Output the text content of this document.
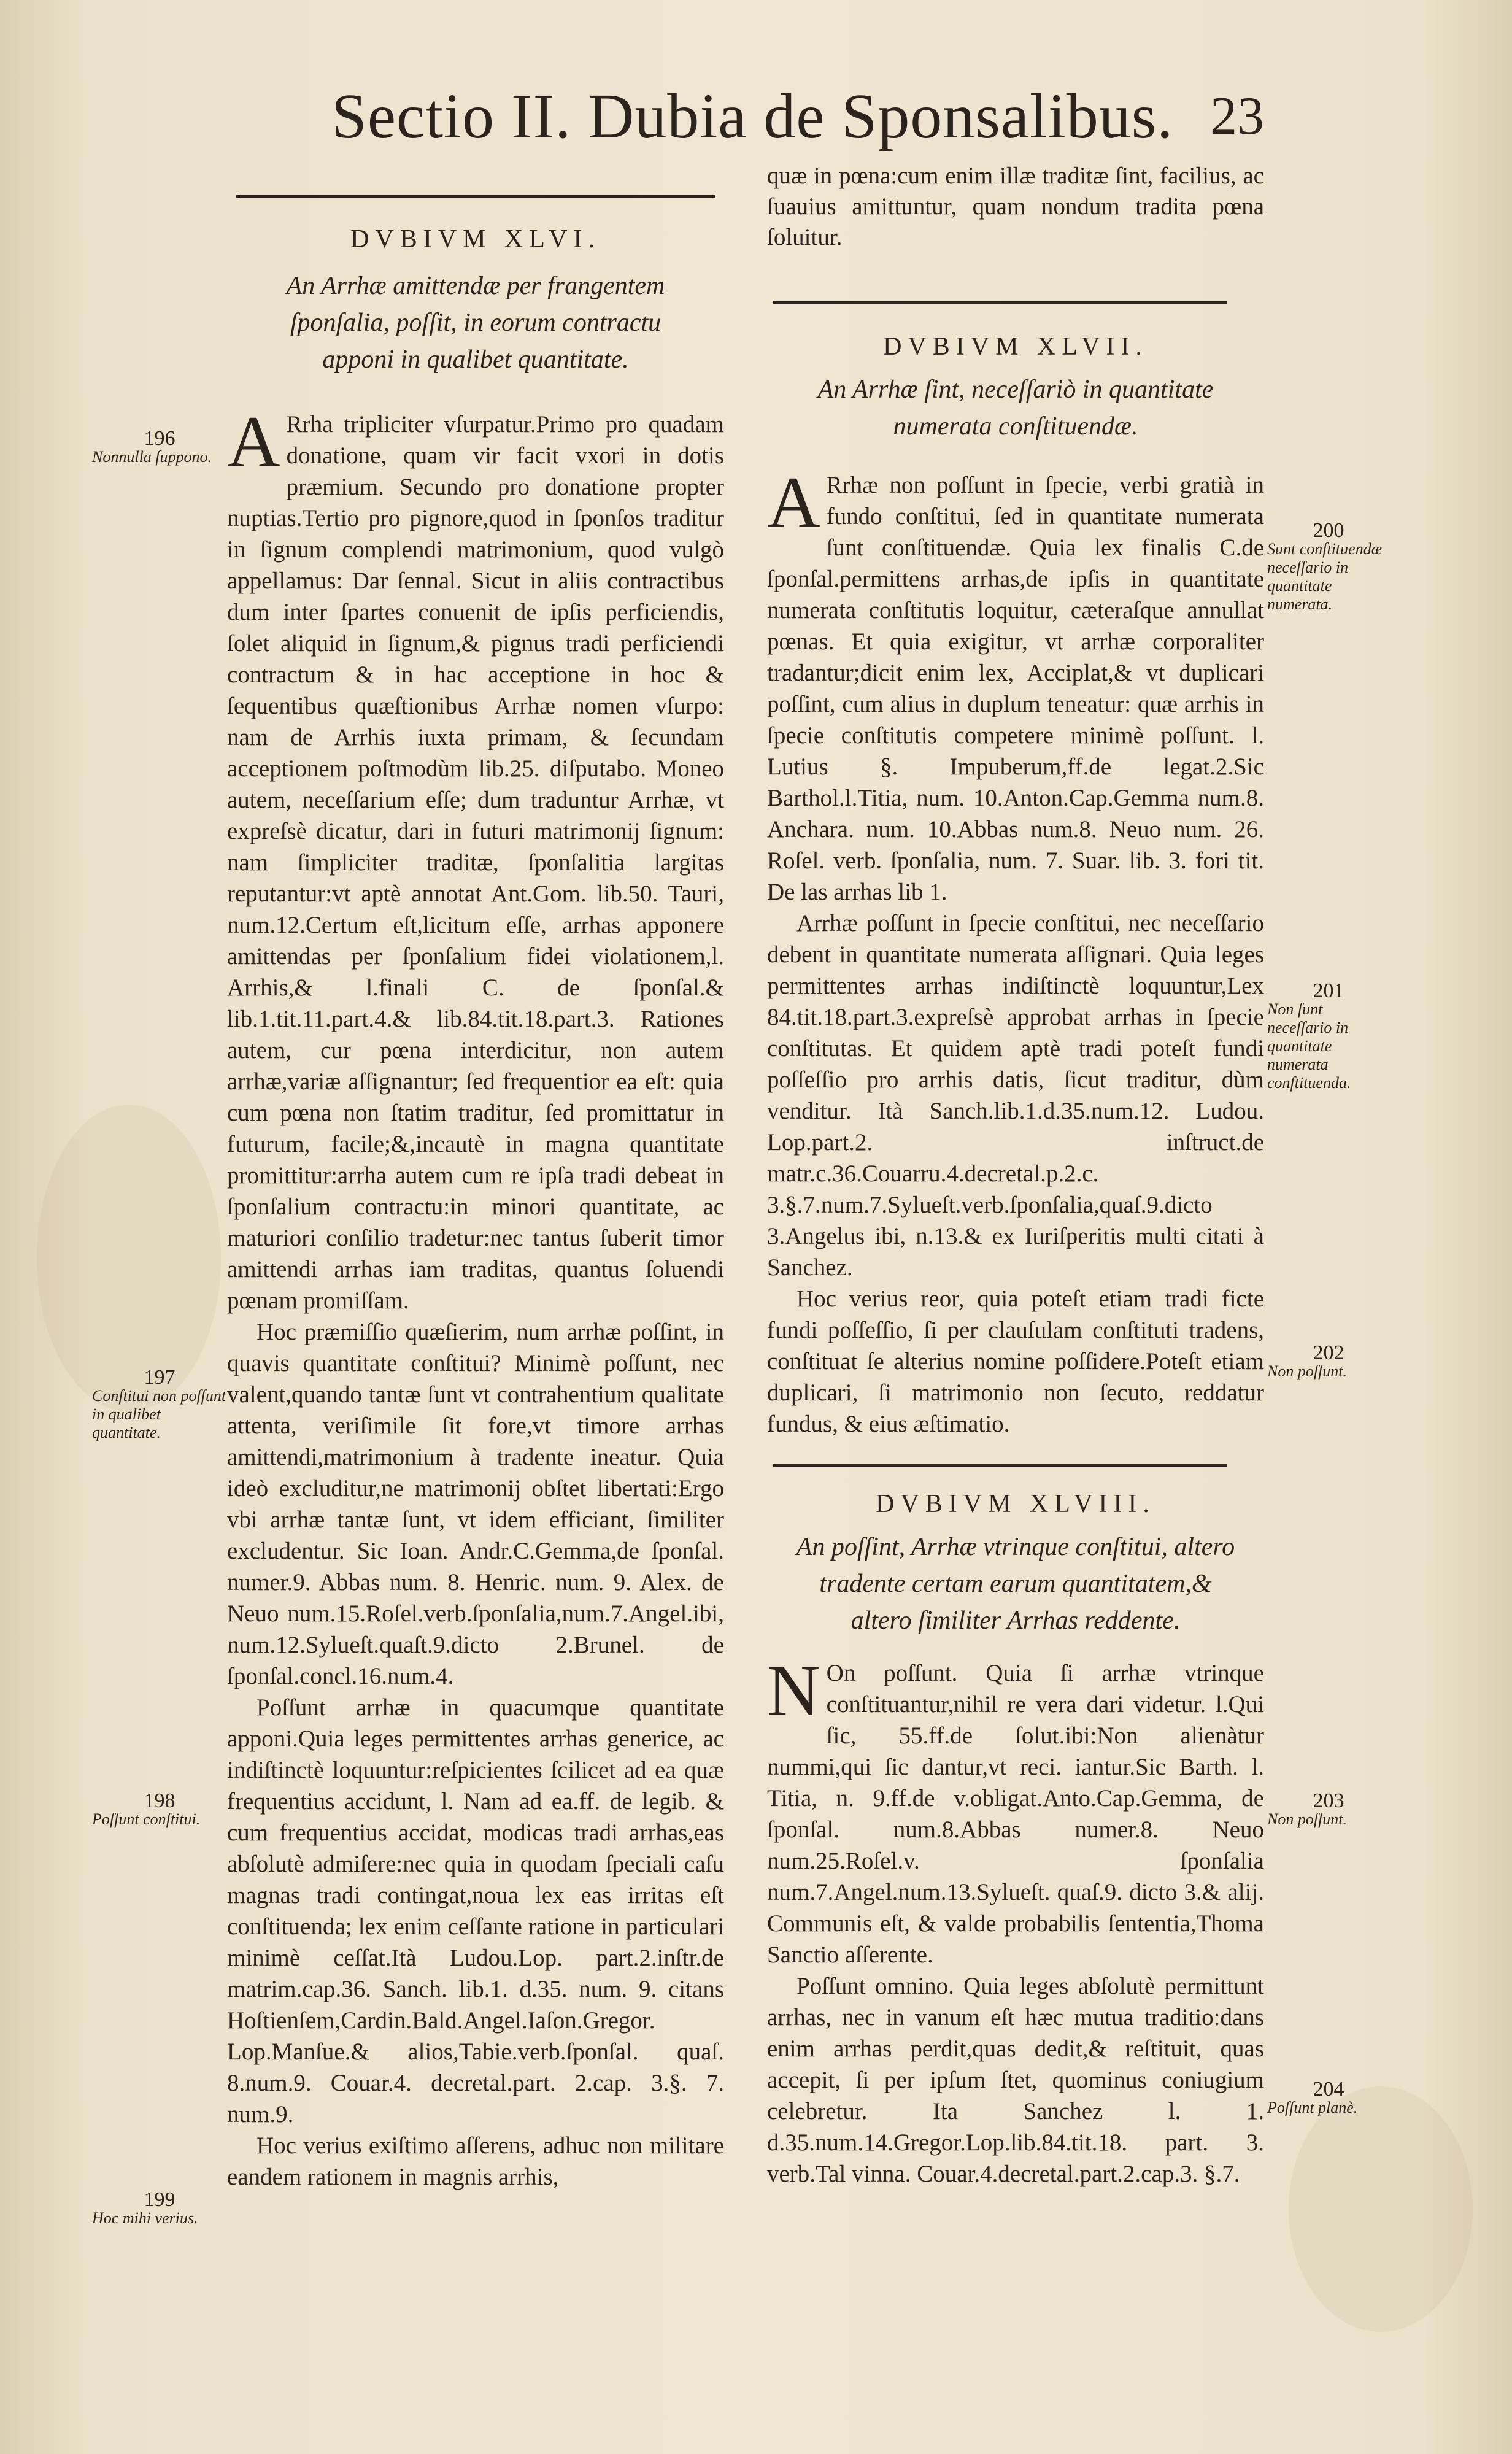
Sectio II. Dubia de Sponsalibus. 23
DVBIVM XLVI.
An Arrhæ amittendæ per frangentem ſponſalia, poſſit, in eorum contractu apponi in qualibet quantitate.

A Rrha tripliciter vſurpatur.Primo pro quadam donatione, quam vir facit vxori in dotis præmium. Secundo pro donatione propter nuptias.Tertio pro pignore,quod in ſponſos traditur in ſignum complendi matrimonium, quod vulgò appellamus: Dar ſennal. Sicut in aliis contractibus dum inter ſpartes conuenit de ipſis perficiendis, ſolet aliquid in ſignum,& pignus tradi perficiendi contractum & in hac acceptione in hoc & ſequentibus quæſtionibus Arrhæ nomen vſurpo: nam de Arrhis iuxta primam, & ſecundam acceptionem poſtmodùm lib.25. diſputabo. Moneo autem, neceſſarium eſſe; dum traduntur Arrhæ, vt expreſsè dicatur, dari in futuri matrimonij ſignum: nam ſimpliciter traditæ, ſponſalitia largitas reputantur:vt aptè annotat Ant.Gom. lib.50. Tauri, num.12.Certum eſt,licitum eſſe, arrhas apponere amittendas per ſponſalium fidei violationem,l. Arrhis,& l.finali C. de ſponſal.& lib.1.tit.11.part.4.& lib.84.tit.18.part.3. Rationes autem, cur pœna interdicitur, non autem arrhæ,variæ aſſignantur; ſed frequentior ea eſt: quia cum pœna non ſtatim traditur, ſed promittatur in futurum, facile;&,incautè in magna quantitate promittitur:arrha autem cum re ipſa tradi debeat in ſponſalium contractu:in minori quantitate, ac maturiori conſilio tradetur:nec tantus ſuberit timor amittendi arrhas iam traditas, quantus ſoluendi pœnam promiſſam.

Hoc præmiſſio quæſierim, num arrhæ poſſint, in quavis quantitate conſtitui? Minimè poſſunt, nec valent,quando tantæ ſunt vt contrahentium qualitate attenta, veriſimile ſit fore,vt timore arrhas amittendi,matrimonium à tradente ineatur. Quia ideò excluditur,ne matrimonij obſtet libertati:Ergo vbi arrhæ tantæ ſunt, vt idem efficiant, ſimiliter excludentur. Sic Ioan. Andr.C.Gemma,de ſponſal. numer.9. Abbas num. 8. Henric. num. 9. Alex. de Neuo num.15.Roſel.verb.ſponſalia,num.7.Angel.ibi, num.12.Sylueſt.quaſt.9.dicto 2.Brunel. de ſponſal.concl.16.num.4.

Poſſunt arrhæ in quacumque quantitate apponi.Quia leges permittentes arrhas generice, ac indiſtinctè loquuntur:reſpicientes ſcilicet ad ea quæ frequentius accidunt, l. Nam ad ea.ff. de legib. & cum frequentius accidat, modicas tradi arrhas,eas abſolutè admiſere:nec quia in quodam ſpeciali caſu magnas tradi contingat,noua lex eas irritas eſt conſtituenda; lex enim ceſſante ratione in particulari minimè ceſſat.Ità Ludou.Lop. part.2.inſtr.de matrim.cap.36. Sanch. lib.1. d.35. num. 9. citans Hoſtienſem,Cardin.Bald.Angel.Iaſon.Gregor. Lop.Manſue.& alios,Tabie.verb.ſponſal. quaſ. 8.num.9. Couar.4. decretal.part. 2.cap. 3.§. 7. num.9.

Hoc verius exiſtimo aſſerens, adhuc non militare eandem rationem in magnis arrhis,

quæ in pœna:cum enim illæ traditæ ſint, facilius, ac ſuauius amittuntur, quam nondum tradita pœna ſoluitur.
DVBIVM XLVII.
An Arrhæ ſint, neceſſariò in quantitate numerata conſtituendæ.

A Rrhæ non poſſunt in ſpecie, verbi gratià in fundo conſtitui, ſed in quantitate numerata ſunt conſtituendæ. Quia lex finalis C.de ſponſal.permittens arrhas,de ipſis in quantitate numerata conſtitutis loquitur, cæteraſque annullat pœnas. Et quia exigitur, vt arrhæ corporaliter tradantur;dicit enim lex, Acciplat,& vt duplicari poſſint, cum alius in duplum teneatur: quæ arrhis in ſpecie conſtitutis competere minimè poſſunt. l. Lutius §. Impuberum,ff.de legat.2.Sic Barthol.l.Titia, num. 10.Anton.Cap.Gemma num.8. Anchara. num. 10.Abbas num.8. Neuo num. 26. Roſel. verb. ſponſalia, num. 7. Suar. lib. 3. fori tit. De las arrhas lib 1.

Arrhæ poſſunt in ſpecie conſtitui, nec neceſſario debent in quantitate numerata aſſignari. Quia leges permittentes arrhas indiſtinctè loquuntur,Lex 84.tit.18.part.3.expreſsè approbat arrhas in ſpecie conſtitutas. Et quidem aptè tradi poteſt fundi poſſeſſio pro arrhis datis, ſicut traditur, dùm venditur. Ità Sanch.lib.1.d.35.num.12. Ludou. Lop.part.2. inſtruct.de matr.c.36.Couarru.4.decretal.p.2.c. 3.§.7.num.7.Sylueſt.verb.ſponſalia,quaſ.9.dicto 3.Angelus ibi, n.13.& ex Iuriſperitis multi citati à Sanchez.

Hoc verius reor, quia poteſt etiam tradi ficte fundi poſſeſſio, ſi per clauſulam conſtituti tradens, conſtituat ſe alterius nomine poſſidere.Poteſt etiam duplicari, ſi matrimonio non ſecuto, reddatur fundus, & eius æſtimatio.

DVBIVM XLVIII.
An poſſint, Arrhæ vtrinque conſtitui, altero tradente certam earum quantitatem,& altero ſimiliter Arrhas reddente.

N On poſſunt. Quia ſi arrhæ vtrinque conſtituantur,nihil re vera dari videtur. l.Qui ſic, 55.ff.de ſolut.ibi:Non alienàtur nummi,qui ſic dantur,vt reci. iantur.Sic Barth. l. Titia, n. 9.ff.de v.obligat.Anto.Cap.Gemma, de ſponſal. num.8.Abbas numer.8. Neuo num.25.Roſel.v. ſponſalia num.7.Angel.num.13.Sylueſt. quaſ.9. dicto 3.& alij. Communis eſt, & valde probabilis ſententia,Thoma Sanctio aſſerente.

Poſſunt omnino. Quia leges abſolutè permittunt arrhas, nec in vanum eſt hæc mutua traditio:dans enim arrhas perdit,quas dedit,& reſtituit, quas accepit, ſi per ipſum ſtet, quominus coniugium celebretur. Ita Sanchez l. 1. d.35.num.14.Gregor.Lop.lib.84.tit.18. part. 3. verb.Tal vinna. Couar.4.decretal.part.2.cap.3. §.7.

196
Nonnulla ſuppono.
197
Conſtitui non poſſunt in qualibet quantitate.
198
Poſſunt conſtitui.
199
Hoc mihi verius.
200
Sunt conſtituendæ neceſſario in quantitate numerata.
201
Non ſunt neceſſario in quantitate numerata conſtituenda.
202
Non poſſunt.
203
Non poſſunt.
204
Poſſunt planè.
